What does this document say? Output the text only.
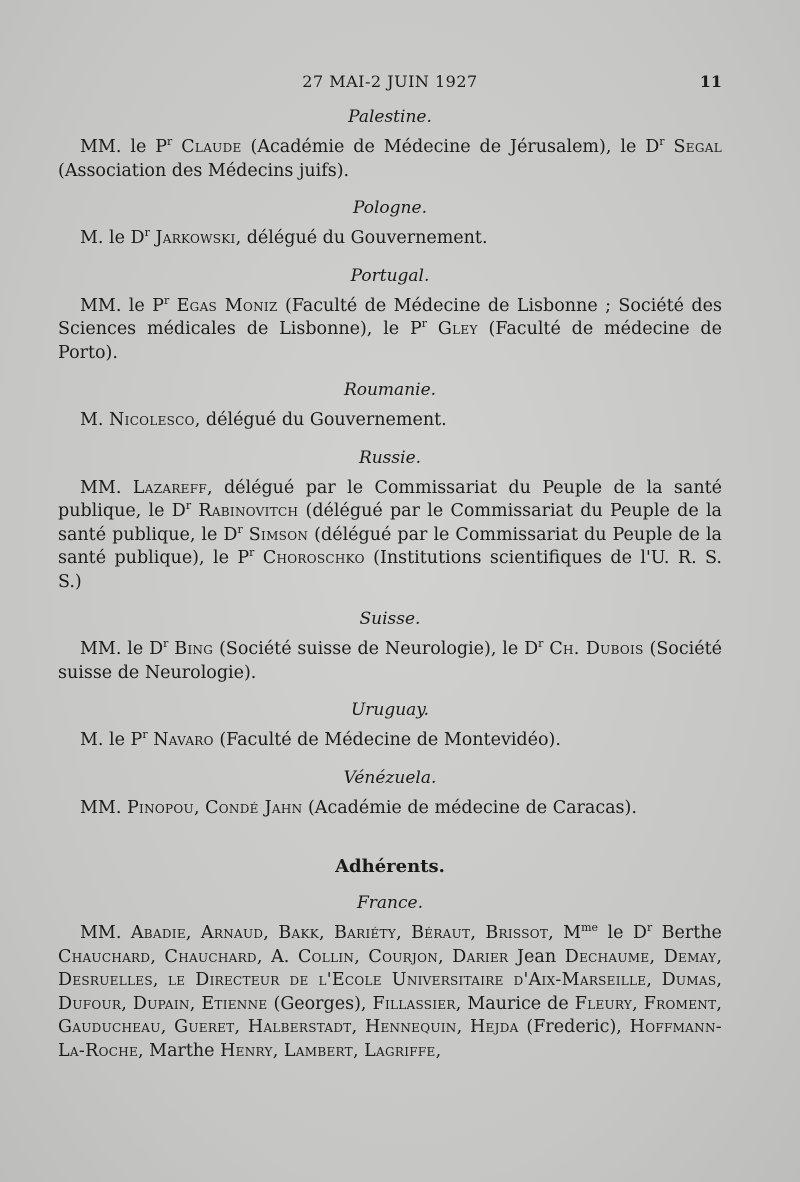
27 MAI-2 JUIN 1927	11
Palestine.

MM. le $P^r$ Claude (Académie de Médecine de Jérusalem), le $D^r$ Segal (Association des Médecins juifs).

Pologne.

M. le $D^r$ Jarkowski, délégué du Gouvernement.

Portugal.

MM. le $P^r$ Egas Moniz (Faculté de Médecine de Lisbonne ; Société des Sciences médicales de Lisbonne), le $P^r$ Gley (Faculté de médecine de Porto).

Roumanie.

M. Nicolesco, délégué du Gouvernement.

Russie.

MM. Lazareff, délégué par le Commissariat du Peuple de la santé publique, le $D^r$ Rabinovitch (délégué par le Commissariat du Peuple de la santé publique, le $D^r$ Simson (délégué par le Commissariat du Peuple de la santé publique), le $P^r$ Choroschko (Institutions scientifiques de l'U. R. S. S.)

Suisse.

MM. le $D^r$ Bing (Société suisse de Neurologie), le $D^r$ Ch. Dubois (Société suisse de Neurologie).

Uruguay.

M. le $P^r$ Navaro (Faculté de Médecine de Montevidéo).

Vénézuela.

MM. Pinopou, Condé Jahn (Académie de médecine de Caracas).

Adhérents.
France.

MM. Abadie, Arnaud, Bakk, Bariéty, Béraut, Brissot, $M^{me}$ le $D^r$ Berthe Chauchard, Chauchard, A. Collin, Courjon, Darier Jean Dechaume, Demay, Desruelles, le Directeur de l'Ecole Universitaire d'Aix-Marseille, Dumas, Dufour, Dupain, Etienne (Georges), Fillassier, Maurice de Fleury, Froment, Gauducheau, Gueret, Halberstadt, Hennequin, Hejda (Frederic), Hoffmann-La-Roche, Marthe Henry, Lambert, Lagriffe,
